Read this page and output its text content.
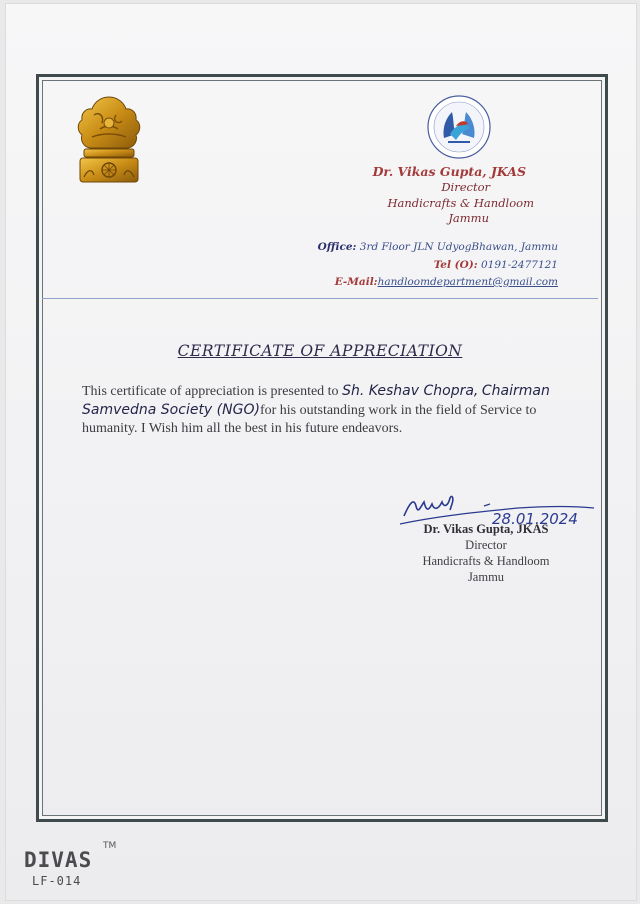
Dr. Vikas Gupta, JKAS
Director
Handicrafts & Handloom
Jammu
Office: 3rd Floor JLN UdyogBhawan, Jammu
Tel (O): 0191-2477121
E-Mail:handloomdepartment@gmail.com
CERTIFICATE OF APPRECIATION
This certificate of appreciation is presented to Sh. Keshav Chopra, Chairman Samvedna Society (NGO)for his outstanding work in the field of Service to humanity. I Wish him all the best in his future endeavors.
28.01.2024
Dr. Vikas Gupta, JKAS
Director
Handicrafts & Handloom
Jammu
DIVAS
TM
LF-014
